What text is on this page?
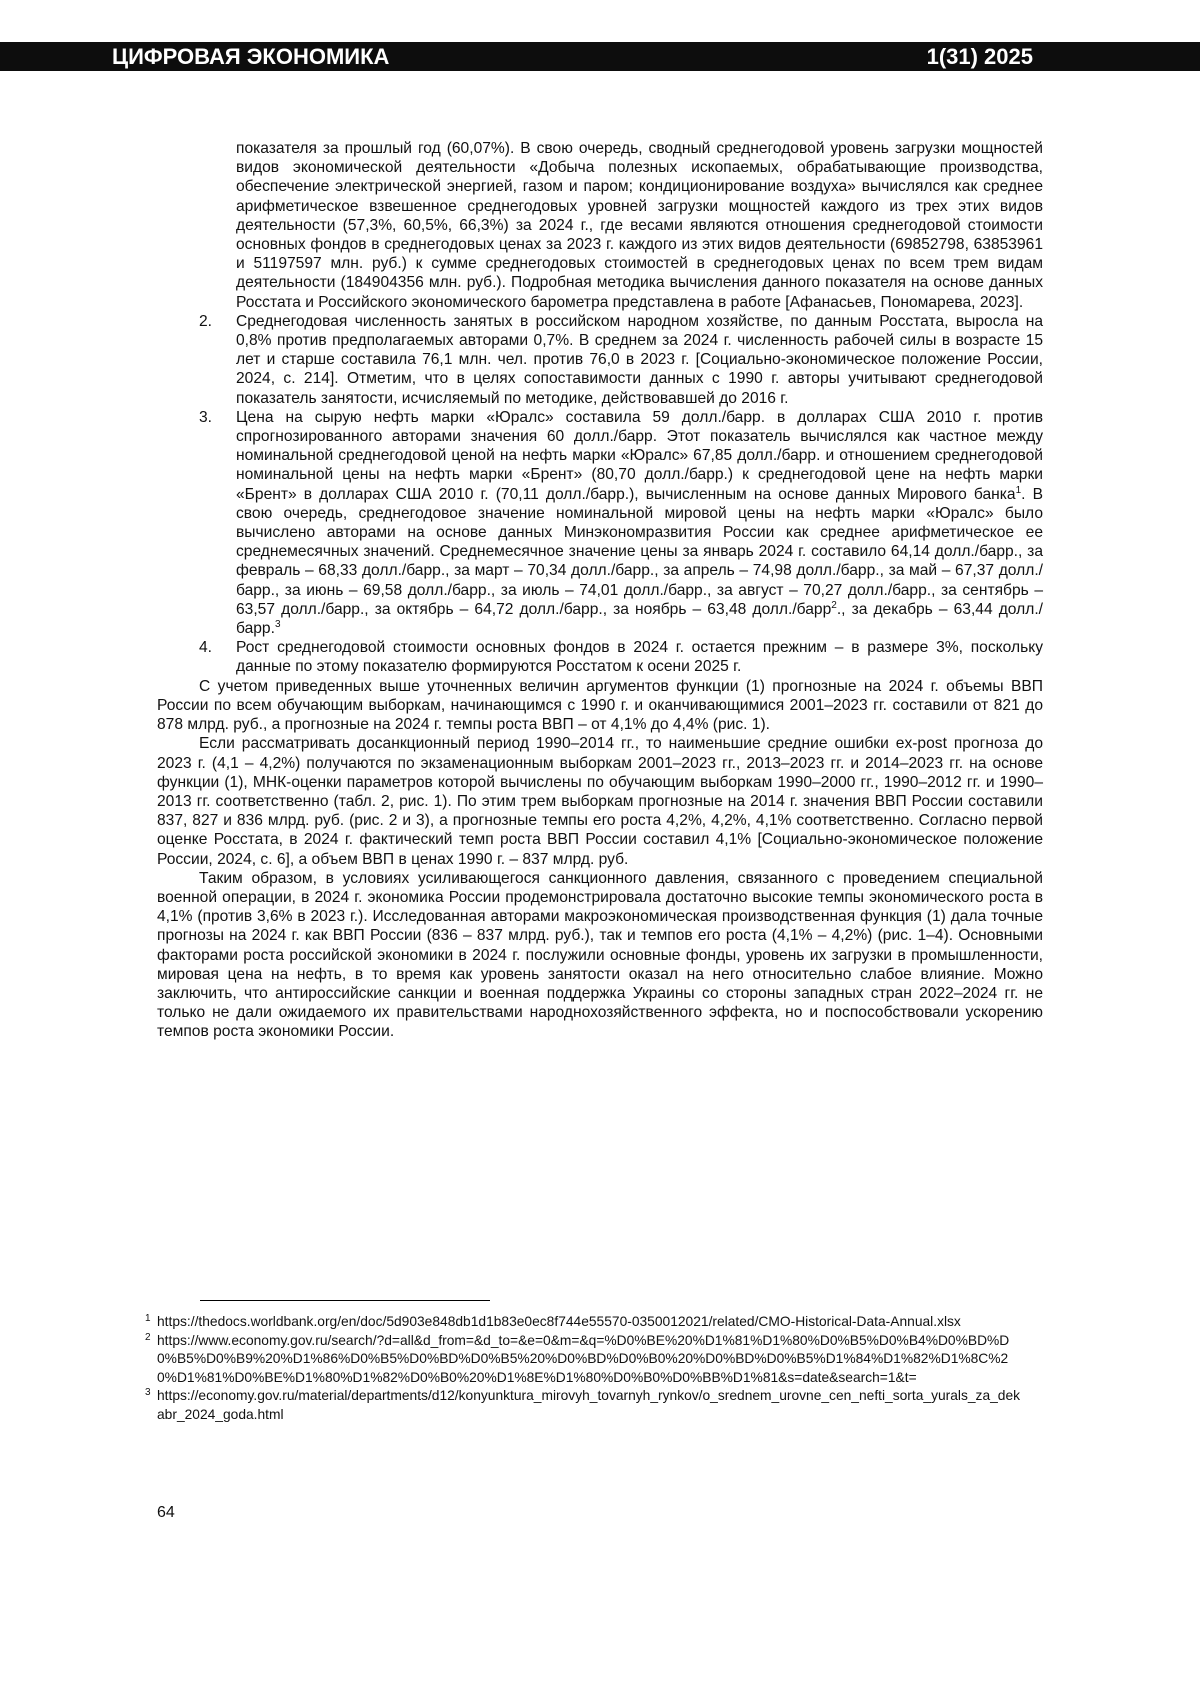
ЦИФРОВАЯ ЭКОНОМИКА	1(31) 2025

показателя за прошлый год (60,07%). В свою очередь, сводный среднегодовой уровень загрузки мощностей видов экономической деятельности «Добыча полезных ископаемых, обрабатывающие производства, обеспечение электрической энергией, газом и паром; кондиционирование воздуха» вычислялся как среднее арифметическое взвешенное среднегодовых уровней загрузки мощностей каждого из трех этих видов деятельности (57,3%, 60,5%, 66,3%) за 2024 г., где весами являются отношения среднегодовой стоимости основных фондов в среднегодовых ценах за 2023 г. каждого из этих видов деятельности (69852798, 63853961 и 51197597 млн. руб.) к сумме среднегодовых стоимостей в среднегодовых ценах по всем трем видам деятельности (184904356 млн. руб.). Подробная методика вычисления данного показателя на основе данных Росстата и Российского экономического барометра представлена в работе [Афанасьев, Пономарева, 2023].

2. Среднегодовая численность занятых в российском народном хозяйстве, по данным Росстата, выросла на 0,8% против предполагаемых авторами 0,7%. В среднем за 2024 г. численность рабочей силы в возрасте 15 лет и старше составила 76,1 млн. чел. против 76,0 в 2023 г. [Социально-экономическое положение России, 2024, с. 214]. Отметим, что в целях сопоставимости данных с 1990 г. авторы учитывают среднегодовой показатель занятости, исчисляемый по методике, действовавшей до 2016 г.
3. Цена на сырую нефть марки «Юралс» составила 59 долл./барр. в долларах США 2010 г. против спрогнозированного авторами значения 60 долл./барр. Этот показатель вычислялся как частное между номинальной среднегодовой ценой на нефть марки «Юралс» 67,85 долл./барр. и отношением среднегодовой номинальной цены на нефть марки «Брент» (80,70 долл./барр.) к среднегодовой цене на нефть марки «Брент» в долларах США 2010 г. (70,11 долл./барр.), вычисленным на основе данных Мирового банка1. В свою очередь, среднегодовое значение номинальной мировой цены на нефть марки «Юралс» было вычислено авторами на основе данных Минэкономразвития России как среднее арифметическое ее среднемесячных значений. Среднемесячное значение цены за январь 2024 г. составило 64,14 долл./барр., за февраль – 68,33 долл./барр., за март – 70,34 долл./барр., за апрель – 74,98 долл./барр., за май – 67,37 долл./барр., за июнь – 69,58 долл./барр., за июль – 74,01 долл./барр., за август – 70,27 долл./барр., за сентябрь – 63,57 долл./барр., за октябрь – 64,72 долл./барр., за ноябрь – 63,48 долл./барр2., за декабрь – 63,44 долл./барр.3
4. Рост среднегодовой стоимости основных фондов в 2024 г. остается прежним – в размере 3%, поскольку данные по этому показателю формируются Росстатом к осени 2025 г.

С учетом приведенных выше уточненных величин аргументов функции (1) прогнозные на 2024 г. объемы ВВП России по всем обучающим выборкам, начинающимся с 1990 г. и оканчивающимися 2001–2023 гг. составили от 821 до 878 млрд. руб., а прогнозные на 2024 г. темпы роста ВВП – от 4,1% до 4,4% (рис. 1).

Если рассматривать досанкционный период 1990–2014 гг., то наименьшие средние ошибки ex-post прогноза до 2023 г. (4,1 – 4,2%) получаются по экзаменационным выборкам 2001–2023 гг., 2013–2023 гг. и 2014–2023 гг. на основе функции (1), МНК-оценки параметров которой вычислены по обучающим выборкам 1990–2000 гг., 1990–2012 гг. и 1990–2013 гг. соответственно (табл. 2, рис. 1). По этим трем выборкам прогнозные на 2014 г. значения ВВП России составили 837, 827 и 836 млрд. руб. (рис. 2 и 3), а прогнозные темпы его роста 4,2%, 4,2%, 4,1% соответственно. Согласно первой оценке Росстата, в 2024 г. фактический темп роста ВВП России составил 4,1% [Социально-экономическое положение России, 2024, с. 6], а объем ВВП в ценах 1990 г. – 837 млрд. руб.

Таким образом, в условиях усиливающегося санкционного давления, связанного с проведением специальной военной операции, в 2024 г. экономика России продемонстрировала достаточно высокие темпы экономического роста в 4,1% (против 3,6% в 2023 г.). Исследованная авторами макроэкономическая производственная функция (1) дала точные прогнозы на 2024 г. как ВВП России (836 – 837 млрд. руб.), так и темпов его роста (4,1% – 4,2%) (рис. 1–4). Основными факторами роста российской экономики в 2024 г. послужили основные фонды, уровень их загрузки в промышленности, мировая цена на нефть, в то время как уровень занятости оказал на него относительно слабое влияние. Можно заключить, что антироссийские санкции и военная поддержка Украины со стороны западных стран 2022–2024 гг. не только не дали ожидаемого их правительствами народнохозяйственного эффекта, но и поспособствовали ускорению темпов роста экономики России.

1 https://thedocs.worldbank.org/en/doc/5d903e848db1d1b83e0ec8f744e55570-0350012021/related/CMO-Historical-Data-Annual.xlsx

2 https://www.economy.gov.ru/search/?d=all&d_from=&d_to=&e=0&m=&q=%D0%BE%20%D1%81%D1%80%D0%B5%D0%B4%D0%BD%D0%B5%D0%B9%20%D1%86%D0%B5%D0%BD%D0%B5%20%D0%BD%D0%B0%20%D0%BD%D0%B5%D1%84%D1%82%D1%8C%20%D1%81%D0%BE%D1%80%D1%82%D0%B0%20%D1%8E%D1%80%D0%B0%D0%BB%D1%81&s=date&search=1&t=

3 https://economy.gov.ru/material/departments/d12/konyunktura_mirovyh_tovarnyh_rynkov/o_srednem_urovne_cen_nefti_sorta_yurals_za_dekabr_2024_goda.html

64
